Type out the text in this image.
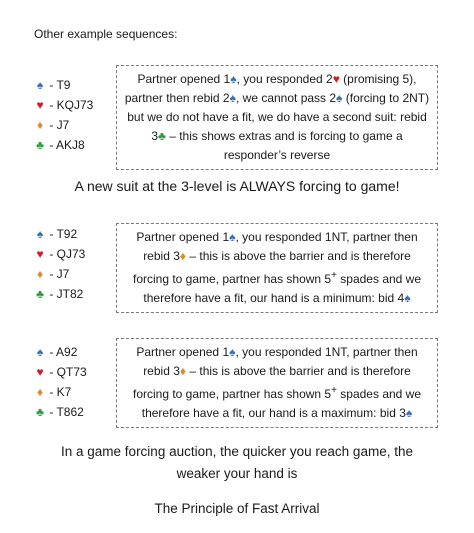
Other example sequences:
♠ - T9
♥ - KQJ73
♦ - J7
♣ - AKJ8
Partner opened 1♠, you responded 2♥ (promising 5),
partner then rebid 2♠, we cannot pass 2♠ (forcing to 2NT)
but we do not have a fit, we do have a second suit: rebid
3♣ – this shows extras and is forcing to game a
responder’s reverse
A new suit at the 3-level is ALWAYS forcing to game!
♠ - T92
♥ - QJ73
♦ - J7
♣ - JT82
Partner opened 1♠, you responded 1NT, partner then
rebid 3♦ – this is above the barrier and is therefore
forcing to game, partner has shown 5+ spades and we
therefore have a fit, our hand is a minimum: bid 4♠
♠ - A92
♥ - QT73
♦ - K7
♣ - T862
Partner opened 1♠, you responded 1NT, partner then
rebid 3♦ – this is above the barrier and is therefore
forcing to game, partner has shown 5+ spades and we
therefore have a fit, our hand is a maximum: bid 3♠
In a game forcing auction, the quicker you reach game, the
weaker your hand is
The Principle of Fast Arrival
